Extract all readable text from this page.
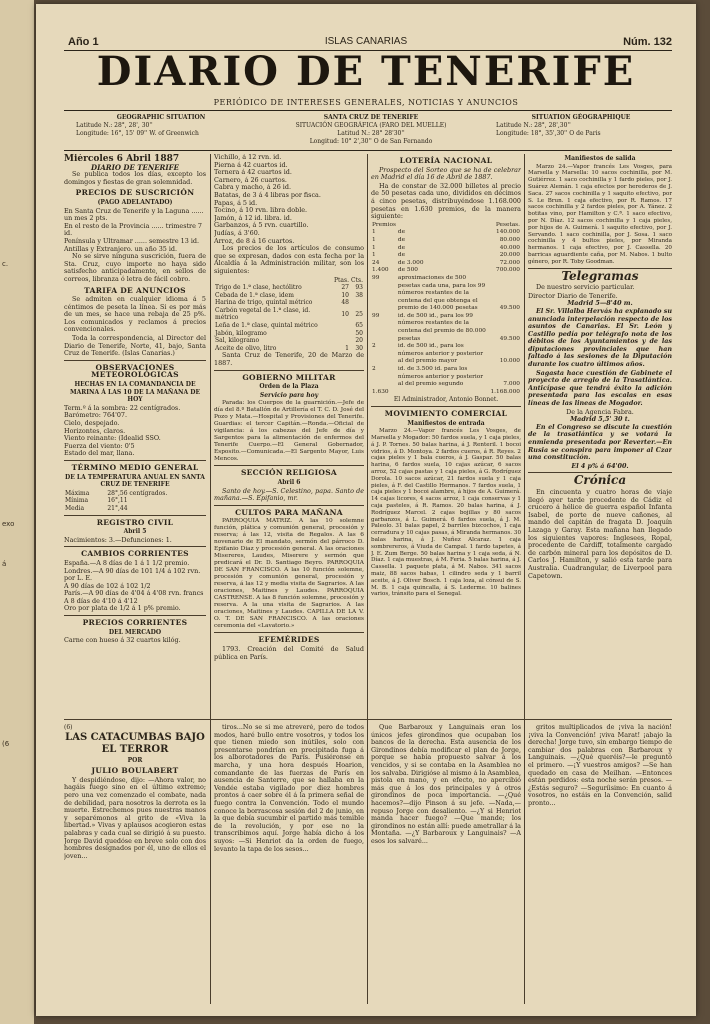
c.
exo
á
(6
Año 1	ISLAS CANARIAS	Núm. 132
DIARIO DE TENERIFE
PERIÓDICO DE INTERESES GENERALES, NOTICIAS Y ANUNCIOS
GEOGRAPHIC SITUATION
Latitude N.: 28°, 28', 30''
Longitude: 16°, 15' 09'' W. of Greenwich
SANTA CRUZ DE TENERIFE
SITUACIÓN GEOGRÁFICA (FARO DEL MUELLE)
Latitud N.: 28° 28'30''
Longitud: 10° 2',30'' O de San Fernando
SITUATION GÉOGRAPHIQUE
Latitude N.: 28°, 28',30''
Longitude: 18°, 35',30'' O de Paris
Miércoles 6 Abril 1887
DIARIO DE TENERIFE

Se publica todos los días, excepto los domingos y fiestas de gran solemnidad.

PRECIOS DE SUSCRICIÓN
(PAGO ADELANTADO)
En Santa Cruz de Tenerife y la Laguna ...... un mes 2 pts.
En el resto de la Provincia ...... trimestre 7 id.
Península y Ultramar ...... semestre 13 id.
Antillas y Extranjero. un año 35 id.

No se sirve ninguna suscrición, fuera de Sta. Cruz, cuyo importe no haya sido satisfecho anticipadamente, en sellos de correos, libranza ó letra de fácil cobro.

TARIFA DE ANUNCIOS

Se admiten en cualquier idioma á 5 céntimos de peseta la línea. Si es por más de un mes, se hace una rebaja de 25 p%. Los comunicados y reclamos á precios convencionales.

Toda la correspondencia, al Director del Diario de Tenerife, Norte, 41, bajo, Santa Cruz de Tenerife. (Islas Canarias.)

OBSERVACIONES METEOROLÓGICAS
HECHAS EN LA COMANDANCIA DE MARINA Á LAS 10 DE LA MAÑANA DE HOY
Term.º á la sombra: 22 centígrados.
Barómetro: 764'07.
Cielo, despejado.
Horizontes, claros.
Viento reinante: (Idealid SSO.
Fuerza del viento: 0'5
Estado del mar, llana.
TÉRMINO MEDIO GENERAL
DE LA TEMPERATURA ANUAL EN SANTA CRUZ DE TENERIFE
Máxima	28°,56 centígrados.
Mínima	16°,11
Media	21°,44
REGISTRO CIVIL
Abril 5
Nacimientos: 3.—Defunciones: 1.
CAMBIOS CORRIENTES
España.—A 8 días de 1 á 1 1/2 premio.
Londres.—A 90 días de 101 1/4 á 102 rvn. por L. E.
A 90 días de 102 á 102 1/2
París.—A 90 días de 4'04 á 4'08 rvn. francs
A 8 días de 4'10 á 4'12
Oro por plata de 1/2 á 1 p% premio.
PRECIOS CORRIENTES
DEL MERCADO
Carne con hueso á 32 cuartos kilóg.
Vichillo, á 12 rvn. id.
Pierna á 42 cuartos id.
Ternera á 42 cuartos id.
Carnero, á 26 cuartos.
Cabra y macho, á 26 id.
Batatas, de 3 á 4 libras por fisca.
Papas, á 5 id.
Tocino, á 10 rvn. libra doble.
Jamón, á 12 id. libra. id.
Garbanzos, á 5 rvn. cuartillo.
Judías, á 3'60.
Arroz, de 8 á 16 cuartos.

Los precios de los artículos de consumo que se expresan, dados con esta fecha por la Alcaldía á la Administración militar, son los siguientes:

	Ptas.	Cts.
Trigo de 1.ª clase, hectólitro	27	93
Cebada de 1.ª clase, idem	10	38
Harina de trigo, quintal métrico	48	
Carbón vegetal de 1.ª clase, id. métrico	10	25
Leña de 1.ª clase, quintal métrico		65
Jabón, kilogramo		50
Sal, kilogramo		20
Aceite de olivo, litro	1	30

Santa Cruz de Tenerife, 20 de Marzo de 1887.

GOBIERNO MILITAR
Orden de la Plaza
Servicio para hoy

Parada: los Cuerpos de la guarnición.—Jefe de día del 8.º Batallón de Artillería el T. C. D. José del Pozo y Mata.—Hospital y Provisiones del Tenerife. Guardias: el tercer Capitán.—Ronda.—Oficial de vigilancia: á los cabezas del Jefe de día y Sargentos para la alimentación de enfermos del Tenerife Cuerpo.—El General Gobernador, Esposito.—Comunicada.—El Sargento Mayor, Luis Mencos.

SECCIÓN RELIGIOSA
Abril 6

Santo de hoy.—S. Celestino, papa. Santo de mañana.—S. Epifanio, mr.

CULTOS PARA MAÑANA

PARROQUIA MATRIZ. A las 10 solemne función, plática y comunión general, procesión y reserva; á las 12, visita de Regalos. A las 6 novenario de El mandato, sermón del párroco D. Epifanio Diaz y procesión general. A las oraciones Misereres, Laudes, Miserere y sermón que predicará el Dr. D. Santiago Beyro. PARROQUIA DE SAN FRANCISCO. A las 10 función solemne, procesión y comunión general, procesión y reserva, á las 12 y media visita de Sagrarios. A las oraciones, Maitines y Laudes. PARROQUIA CASTRENSE. A las 8 función solemne, procesión y reserva. A la una visita de Sagrarios. A las oraciones, Maitines y Laudes. CAPILLA DE LA V. O. T. DE SAN FRANCISCO. A las oraciones ceremonia del «Lavatorio.»

EFEMÉRIDES

1793. Creación del Comité de Salud pública en París.

LOTERÍA NACIONAL

Prospecto del Sorteo que se ha de celebrar en Madrid el día 16 de Abril de 1887.

Ha de constar de 32.000 billetes al precio de 50 pesetas cada uno, divididos en décimos á cinco pesetas, distribuyéndose 1.168.000 pesetas en 1.630 premios, de la manera siguiente:

Premios		Pesetas.
1	de	140.000
1	de	80.000
1	de	40.000
1	de	20.000
24	de 3.000	72.000
1.400	de 500	700.000
99	aproximaciones de 500 pesetas cada una, para los 99 números restantes de la centena del que obtenga el premio de 140.000 pesetas	49.500
99	id. de 500 id., para los 99 números restantes de la centena del premio de 80.000 pesetas	49.500
2	id. de 500 id., para los números anterior y posterior al del premio mayor	10.000
2	id. de 3.500 id. para los números anterior y posterior al del premio segundo	7.000
1.630		1.168.000
El Administrador, Antonio Bonnet.
MOVIMIENTO COMERCIAL
Manifiestos de entrada

Marzo 24.—Vapor francés Les Vosges, de Marsella y Mogador: 50 fardos suela, y 1 caja pieles, á J. P. Tornes. 50 balas harina, á J. Renteril. 1 bocoi vidrios, á D. Montoya. 2 fardos cueros, á R. Reyes. 2 cajas pieles y 1 bala cueros, á J. Gaspar. 50 balas harina, 6 fardos suela, 10 cajas azúcar, 6 sacos arroz, 52 cajas pastas y 1 caja pieles, á G. Rodríguez Dorola. 10 sacos azúcar, 21 fardos suela y 1 caja pieles, á F. del Castillo Hermanos. 7 fardos suela, 1 caja pieles y 1 bocoi alambre, á hijos de A. Guimerá. 14 cajas licores, 4 sacos arroz, 1 caja conservas y 1 caja pasteles, á R. Ramos. 20 balas harina, á J. Rodríguez Marcel. 2 cajas bojillas y 80 sacos garbanzos, á L. Guimerá. 6 fardos suela, á J. M. Paleolo. 31 balas papel, 2 barriles bizcochos, 1 caja cerradura y 10 cajas pasas, á Miranda hermanos. 30 balas harina, á J. Nuñez Alcaraz. 1 caja sombrereros, á Viuda de Campal. 1 fardo tapetes, á J. E. Zum Berge. 50 balas harina y 1 caja seda, á N. Díaz. 1 caja muestras, á M. Feria. 5 balas harina, á J. Cassella. 1 paquete plata, á M. Nabos. 341 sacos maiz, 88 sacos habas, 1 cilindro seda y 1 barril aceite, á J. Oliver Bosch. 1 caja loza, al cónsul de S. M. B. 1 caja quincalla, á S. Lederme. 10 balines varios, tránsito para el Senegal.

Manifiestos de salida

Marzo 24.—Vapor francés Les Vosges, para Marsella y Marsella: 10 sacos cochinilla, por M. Gutiérrez. 1 saco cochinilla y 1 fardo pieles, por J. Suárez Alemán. 1 caja efectos por herederos de J. Saca. 27 sacos cochinilla y 1 saquito efectivo, por S. Le Brun. 1 caja efectivo, por R. Ramos. 17 sacos cochinilla y 2 fardos pieles, por A. Yánez. 2 botitas vino, por Hamilton y C.ª. 1 saco efectivo, por N. Díaz. 12 sacos cochinilla y 1 caja pieles, por hijos de A. Guimerá. 1 saquito efectivo, por J. Servando. 1 saco cochinilla, por J. Sosa. 1 saco cochinilla y 4 bultos pieles, por Miranda hermanos. 1 caja efectivo, por J. Cassella. 20 barricas aguardiente caña, por M. Nabos. 1 bulto género, por R. Toby Goodman.

Telegramas

De nuestro servicio particular.

Director Diario de Tenerife.
Madrid 5—8'40 m.

El Sr. Villalba Hervás ha explanado su anunciada interpelación respecto de los asuntos de Canarias. El Sr. León y Castillo pedía por telégrafo nota de los débitos de los Ayuntamientos y de las diputaciones provinciales que han faltado á las sesiones de la Diputación durante los cuatro últimos años.

Sagasta hace cuestión de Gabinete el proyecto de arreglo de la Trasatlántica. Anticípase que tendrá éxito la adición presentada para las escalas en esas líneas de las lineas de Mogador.

De la Agencia Fabra.
Madrid 5,5' 30 t.

En el Congreso se discute la cuestión de la trasatlántica y se votará la enmienda presentada por Reverter.—En Rusia se conspira para imponer al Czar una constitución.

El 4 p% á 64'00.
Crónica

En cincuenta y cuatro horas de viaje llegó ayer tarde procedente de Cádiz el crucero á hélice de guerra español Infanta Isabel, de porte de nueve cañones, al mando del capitán de fragata D. Joaquín Lazaga y Garay. Esta mañana han llegado los siguientes vapores: Inglesees, Ropal, procedente de Cardiff, totalmente cargado de carbón mineral para los depósitos de D. Carlos J. Hamilton, y salió esta tarde para Australia. Cuadrangular, de Liverpool para Capetown.

(6)
LAS CATACUMBAS BAJO EL TERROR
POR
JULIO BOULABERT

Y despidiéndose, dijo: —Ahora valor, no hagáis fuego sino en el último extremo; pero una vez comenzado el combate, nada de debilidad, para nosotros la derrota es la muerte. Estrechemos pues nuestras manos y separémonos al grito de «Viva la libertad.» Vivas y aplausos acogieron estas palabras y cada cual se dirigió á su puesto. Jorge David quedóse en breve solo con dos hombres designados por él, uno de ellos el joven...

tiros...No se si me atreveré, pero de todos modos, haré bullo entre vosotros, y todos los que tienen miedo son inútiles, solo con presentarse pondrían en precipitada fuga á los alborotadores de París. Pusiéronse en marcha, y una hora después Hoarion, comandante de las fuerzas de París en ausencia de Santerre, que se hallaba en la Vendée estaba vigilado por diez hombres prontos á caer sobre él á la primera señal de fuego contra la Convención. Todo el mundo conoce la borrascosa sesión del 2 de junio, en la que debía sucumbir el partido más temible de la revolución, y por ese no la transcribimos aquí. Jorge había dicho á los suyos: —Si Henriot da la orden de fuego, levanto la tapa de los sesos...

Que Barbaroux y Languinais eran los únicos jefes girondinos que ocupaban los bancos de la derecha. Esta ausencia de los Girondinos debía modificar el plan de Jorge, porque se había propuesto salvar á los vencidos, y si se contaba en la Asamblea no los salvaba. Dirigióse al mismo á la Asamblea, pistola en mano, y en efecto, no apercibió más que á los dos principales y á otros girondinos de poca importancia. —¿Qué hacemos?—dijo Pinson á su jefe. —Nada,—repuso Jorge con desaliento. —¿Y si Henriot manda hacer fuego? —Que mande; los girondinos no están allí: puede ametrallar á la Montaña. —¿Y Barbaroux y Languinais? —A esos los salvaré...

gritos multiplicados de ¡viva la nación! ¡viva la Convención! ¡viva Marat! ¡abajo la derecha! Jorge tuvo, sin embargo tiempo de cambiar dos palabras con Barbaroux y Languinais. —¿Qué queréis?—le preguntó el primero. —¡Y vuestros amigos? —Se han quedado en casa de Meilhan. —Entonces están perdidos: esta noche serán presos. —¿Estás seguro? —Seguríisimo: En cuanto á vosotros, no estáis en la Convención, salid pronto...
